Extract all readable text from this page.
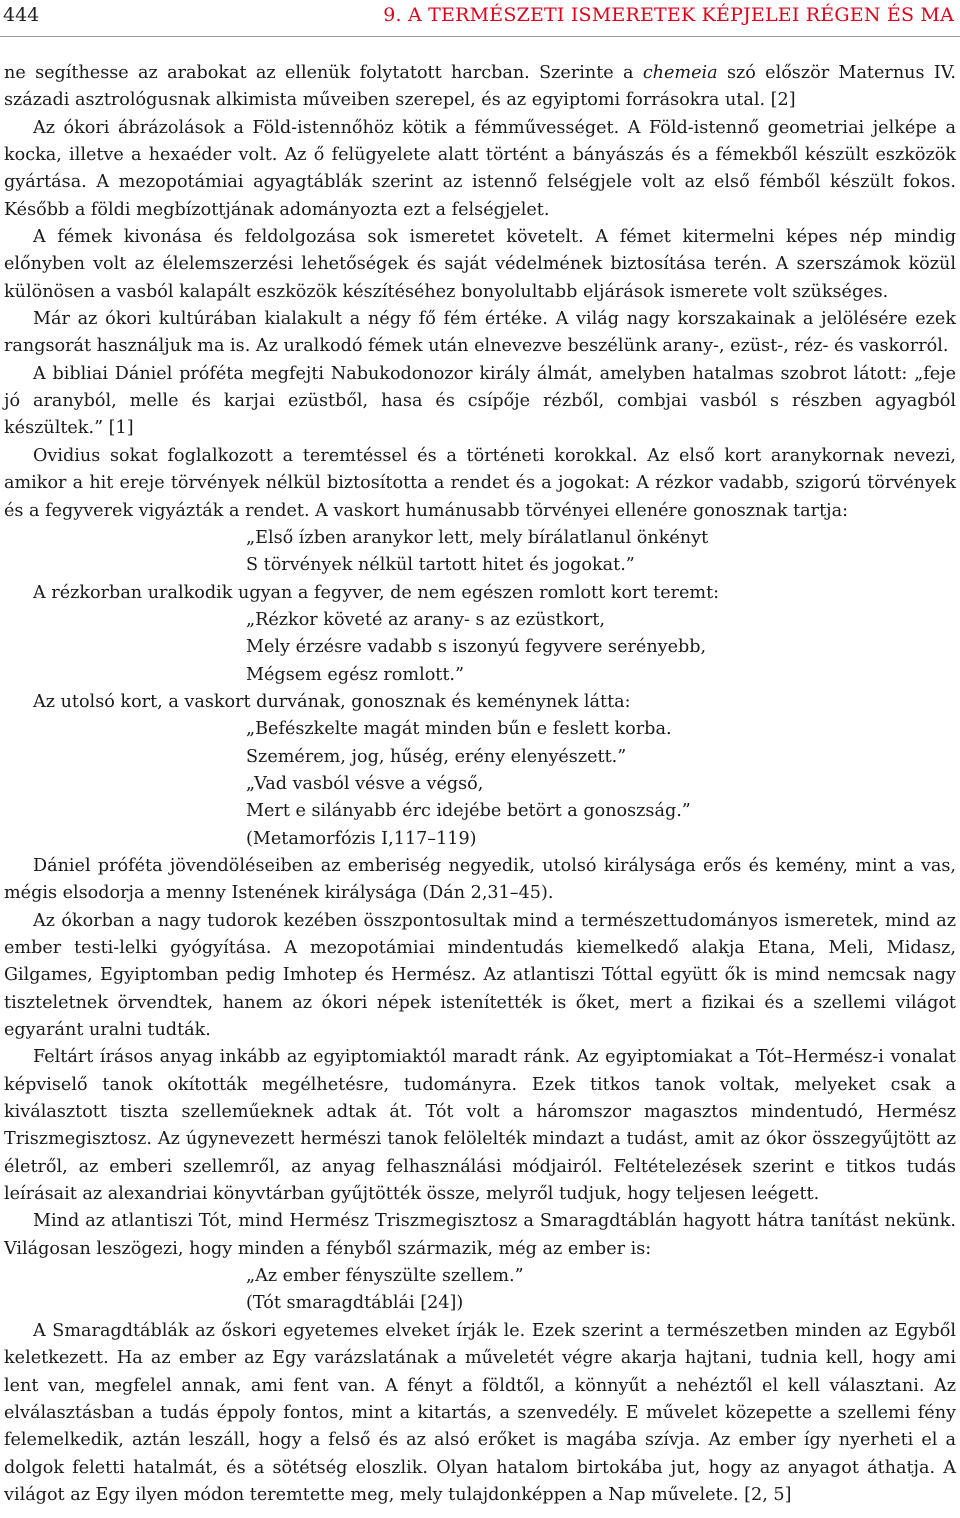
444	9. A TERMÉSZETI ISMERETEK KÉPJELEI RÉGEN ÉS MA

ne segíthesse az arabokat az ellenük folytatott harcban. Szerinte a chemeia szó először Maternus IV. századi asztrológusnak alkimista műveiben szerepel, és az egyiptomi forrásokra utal. [2]

Az ókori ábrázolások a Föld-istennőhöz kötik a fémművességet. A Föld-istennő geometriai jelképe a kocka, illetve a hexaéder volt. Az ő felügyelete alatt történt a bányászás és a fémekből készült eszközök gyártása. A mezopotámiai agyagtáblák szerint az istennő felségjele volt az első fémből készült fokos. Később a földi megbízottjának adományozta ezt a felségjelet.

A fémek kivonása és feldolgozása sok ismeretet követelt. A fémet kitermelni képes nép mindig előnyben volt az élelemszerzési lehetőségek és saját védelmének biztosítása terén. A szerszámok közül különösen a vasból kalapált eszközök készítéséhez bonyolultabb eljárások ismerete volt szükséges.

Már az ókori kultúrában kialakult a négy fő fém értéke. A világ nagy korszakainak a jelölésére ezek rangsorát használjuk ma is. Az uralkodó fémek után elnevezve beszélünk arany-, ezüst-, réz- és vaskorról.

A bibliai Dániel próféta megfejti Nabukodonozor király álmát, amelyben hatalmas szobrot látott: „feje jó aranyból, melle és karjai ezüstből, hasa és csípője rézből, combjai vasból s részben agyagból készültek.” [1]

Ovidius sokat foglalkozott a teremtéssel és a történeti korokkal. Az első kort aranykornak nevezi, amikor a hit ereje törvények nélkül biztosította a rendet és a jogokat: A rézkor vadabb, szigorú törvények és a fegyverek vigyázták a rendet. A vaskort humánusabb törvényei ellenére gonosznak tartja:

„Első ízben aranykor lett, mely bírálatlanul önkényt
S törvények nélkül tartott hitet és jogokat.”

A rézkorban uralkodik ugyan a fegyver, de nem egészen romlott kort teremt:

„Rézkor követé az arany- s az ezüstkort,
Mely érzésre vadabb s iszonyú fegyvere serényebb,
Mégsem egész romlott.”

Az utolsó kort, a vaskort durvának, gonosznak és keménynek látta:

„Befészkelte magát minden bűn e feslett korba.
Szemérem, jog, hűség, erény elenyészett.”
„Vad vasból vésve a végső,
Mert e silányabb érc idejébe betört a gonoszság.”
(Metamorfózis I,117–119)

Dániel próféta jövendöléseiben az emberiség negyedik, utolsó királysága erős és kemény, mint a vas, mégis elsodorja a menny Istenének királysága (Dán 2,31–45).

Az ókorban a nagy tudorok kezében összpontosultak mind a természettudományos ismeretek, mind az ember testi-lelki gyógyítása. A mezopotámiai mindentudás kiemelkedő alakja Etana, Meli, Midasz, Gilgames, Egyiptomban pedig Imhotep és Hermész. Az atlantiszi Tóttal együtt ők is mind nemcsak nagy tiszteletnek örvendtek, hanem az ókori népek istenítették is őket, mert a fizikai és a szellemi világot egyaránt uralni tudták.

Feltárt írásos anyag inkább az egyiptomiaktól maradt ránk. Az egyiptomiakat a Tót–Hermész-i vonalat képviselő tanok okították megélhetésre, tudományra. Ezek titkos tanok voltak, melyeket csak a kiválasztott tiszta szelleműeknek adtak át. Tót volt a háromszor magasztos mindentudó, Hermész Triszmegisztosz. Az úgynevezett hermészi tanok felölelték mindazt a tudást, amit az ókor összegyűjtött az életről, az emberi szellemről, az anyag felhasználási módjairól. Feltételezések szerint e titkos tudás leírásait az alexandriai könyvtárban gyűjtötték össze, melyről tudjuk, hogy teljesen leégett.

Mind az atlantiszi Tót, mind Hermész Triszmegisztosz a Smaragdtáblán hagyott hátra tanítást nekünk. Világosan leszögezi, hogy minden a fényből származik, még az ember is:

„Az ember fényszülte szellem.”
(Tót smaragdtáblái [24])

A Smaragdtáblák az őskori egyetemes elveket írják le. Ezek szerint a természetben minden az Egyből keletkezett. Ha az ember az Egy varázslatának a műveletét végre akarja hajtani, tudnia kell, hogy ami lent van, megfelel annak, ami fent van. A fényt a földtől, a könnyűt a nehéztől el kell választani. Az elválasztásban a tudás éppoly fontos, mint a kitartás, a szenvedély. E művelet közepette a szellemi fény felemelkedik, aztán leszáll, hogy a felső és az alsó erőket is magába szívja. Az ember így nyerheti el a dolgok feletti hatalmát, és a sötétség eloszlik. Olyan hatalom birtokába jut, hogy az anyagot áthatja. A világot az Egy ilyen módon teremtette meg, mely tulajdonképpen a Nap művelete. [2, 5]
